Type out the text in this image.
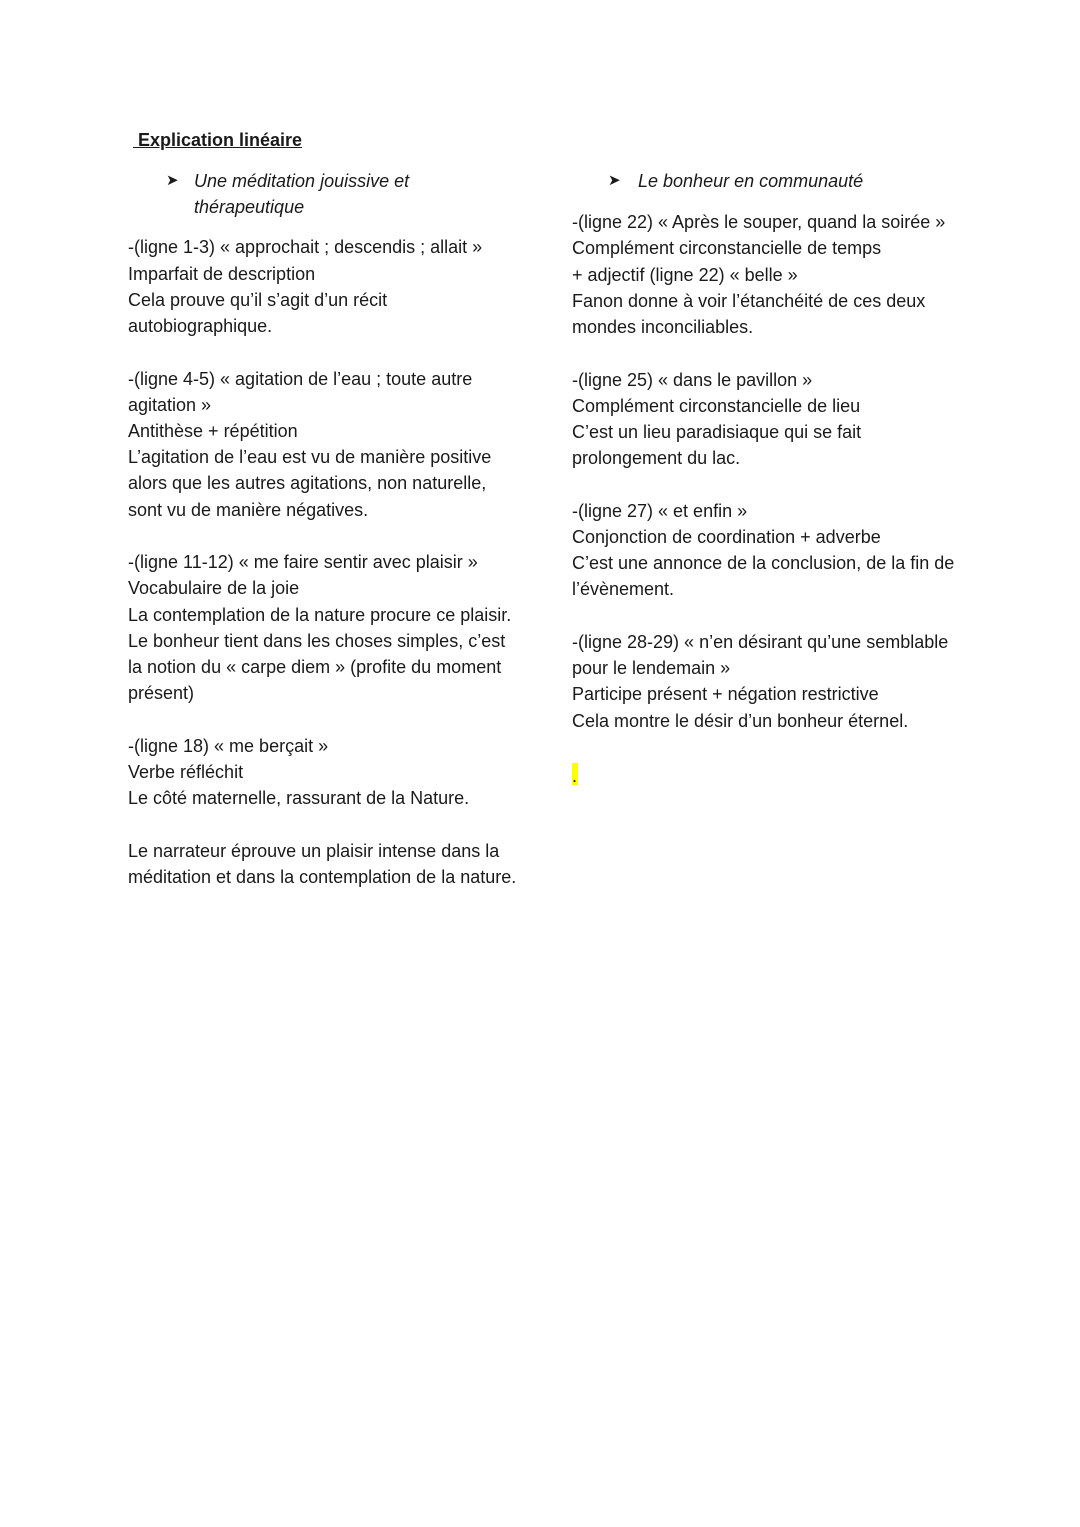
Explication linéaire
➤ Une méditation jouissive et thérapeutique

-(ligne 1-3) « approchait ; descendis ; allait »

Imparfait de description

Cela prouve qu’il s’agit d’un récit autobiographique.

-(ligne 4-5) « agitation de l’eau ; toute autre agitation »

Antithèse + répétition

L’agitation de l’eau est vu de manière positive alors que les autres agitations, non naturelle, sont vu de manière négatives.

-(ligne 11-12) « me faire sentir avec plaisir »

Vocabulaire de la joie

La contemplation de la nature procure ce plaisir. Le bonheur tient dans les choses simples, c’est la notion du « carpe diem » (profite du moment présent)

-(ligne 18) « me berçait »

Verbe réfléchit

Le côté maternelle, rassurant de la Nature.

Le narrateur éprouve un plaisir intense dans la méditation et dans la contemplation de la nature.

➤ Le bonheur en communauté

-(ligne 22) « Après le souper, quand la soirée »

Complément circonstancielle de temps

+ adjectif (ligne 22) « belle »

Fanon donne à voir l’étanchéité de ces deux mondes inconciliables.

-(ligne 25) « dans le pavillon »

Complément circonstancielle de lieu

C’est un lieu paradisiaque qui se fait prolongement du lac.

-(ligne 27) « et enfin »

Conjonction de coordination + adverbe

C’est une annonce de la conclusion, de la fin de l’évènement.

-(ligne 28-29) « n’en désirant qu’une semblable pour le lendemain »

Participe présent + négation restrictive

Cela montre le désir d’un bonheur éternel.

.
